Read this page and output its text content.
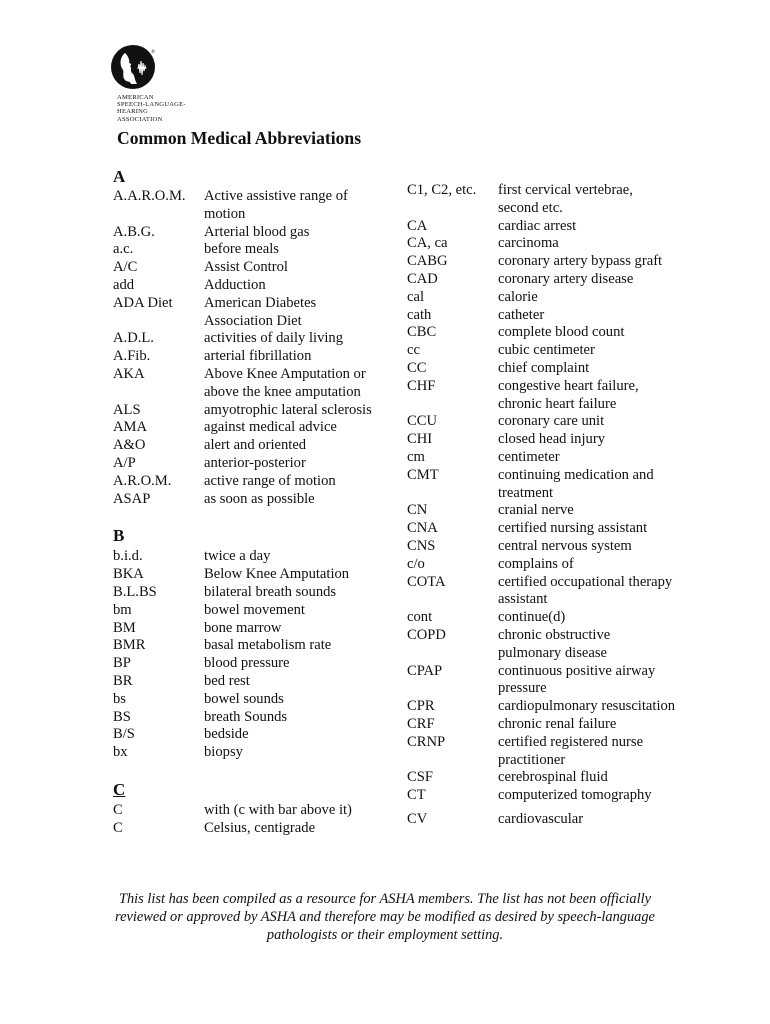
®
AMERICAN
SPEECH-LANGUAGE-
HEARING
ASSOCIATION
Common Medical Abbreviations
A
A.A.R.O.M.	Active assistive range of motion
A.B.G.	Arterial blood gas
a.c.	before meals
A/C	Assist Control
add	Adduction
ADA Diet	American Diabetes Association Diet
A.D.L.	activities of daily living
A.Fib.	arterial fibrillation
AKA	Above Knee Amputation or above the knee amputation
ALS	amyotrophic lateral sclerosis
AMA	against medical advice
A&O	alert and oriented
A/P	anterior-posterior
A.R.O.M.	active range of motion
ASAP	as soon as possible
B
b.i.d.	twice a day
BKA	Below Knee Amputation
B.L.BS	bilateral breath sounds
bm	bowel movement
BM	bone marrow
BMR	basal metabolism rate
BP	blood pressure
BR	bed rest
bs	bowel sounds
BS	breath Sounds
B/S	bedside
bx	biopsy
C
C	with (c with bar above it)
C	Celsius, centigrade
C1, C2, etc.	first cervical vertebrae, second etc.
CA	cardiac arrest
CA, ca	carcinoma
CABG	coronary artery bypass graft
CAD	coronary artery disease
cal	calorie
cath	catheter
CBC	complete blood count
cc	cubic centimeter
CC	chief complaint
CHF	congestive heart failure, chronic heart failure
CCU	coronary care unit
CHI	closed head injury
cm	centimeter
CMT	continuing medication and treatment
CN	cranial nerve
CNA	certified nursing assistant
CNS	central nervous system
c/o	complains of
COTA	certified occupational therapy assistant
cont	continue(d)
COPD	chronic obstructive pulmonary disease
CPAP	continuous positive airway pressure
CPR	cardiopulmonary resuscitation
CRF	chronic renal failure
CRNP	certified registered nurse practitioner
CSF	cerebrospinal fluid
CT	computerized tomography
CV	cardiovascular
This list has been compiled as a resource for ASHA members. The list has not been officially reviewed or approved by ASHA and therefore may be modified as desired by speech-language pathologists or their employment setting.
